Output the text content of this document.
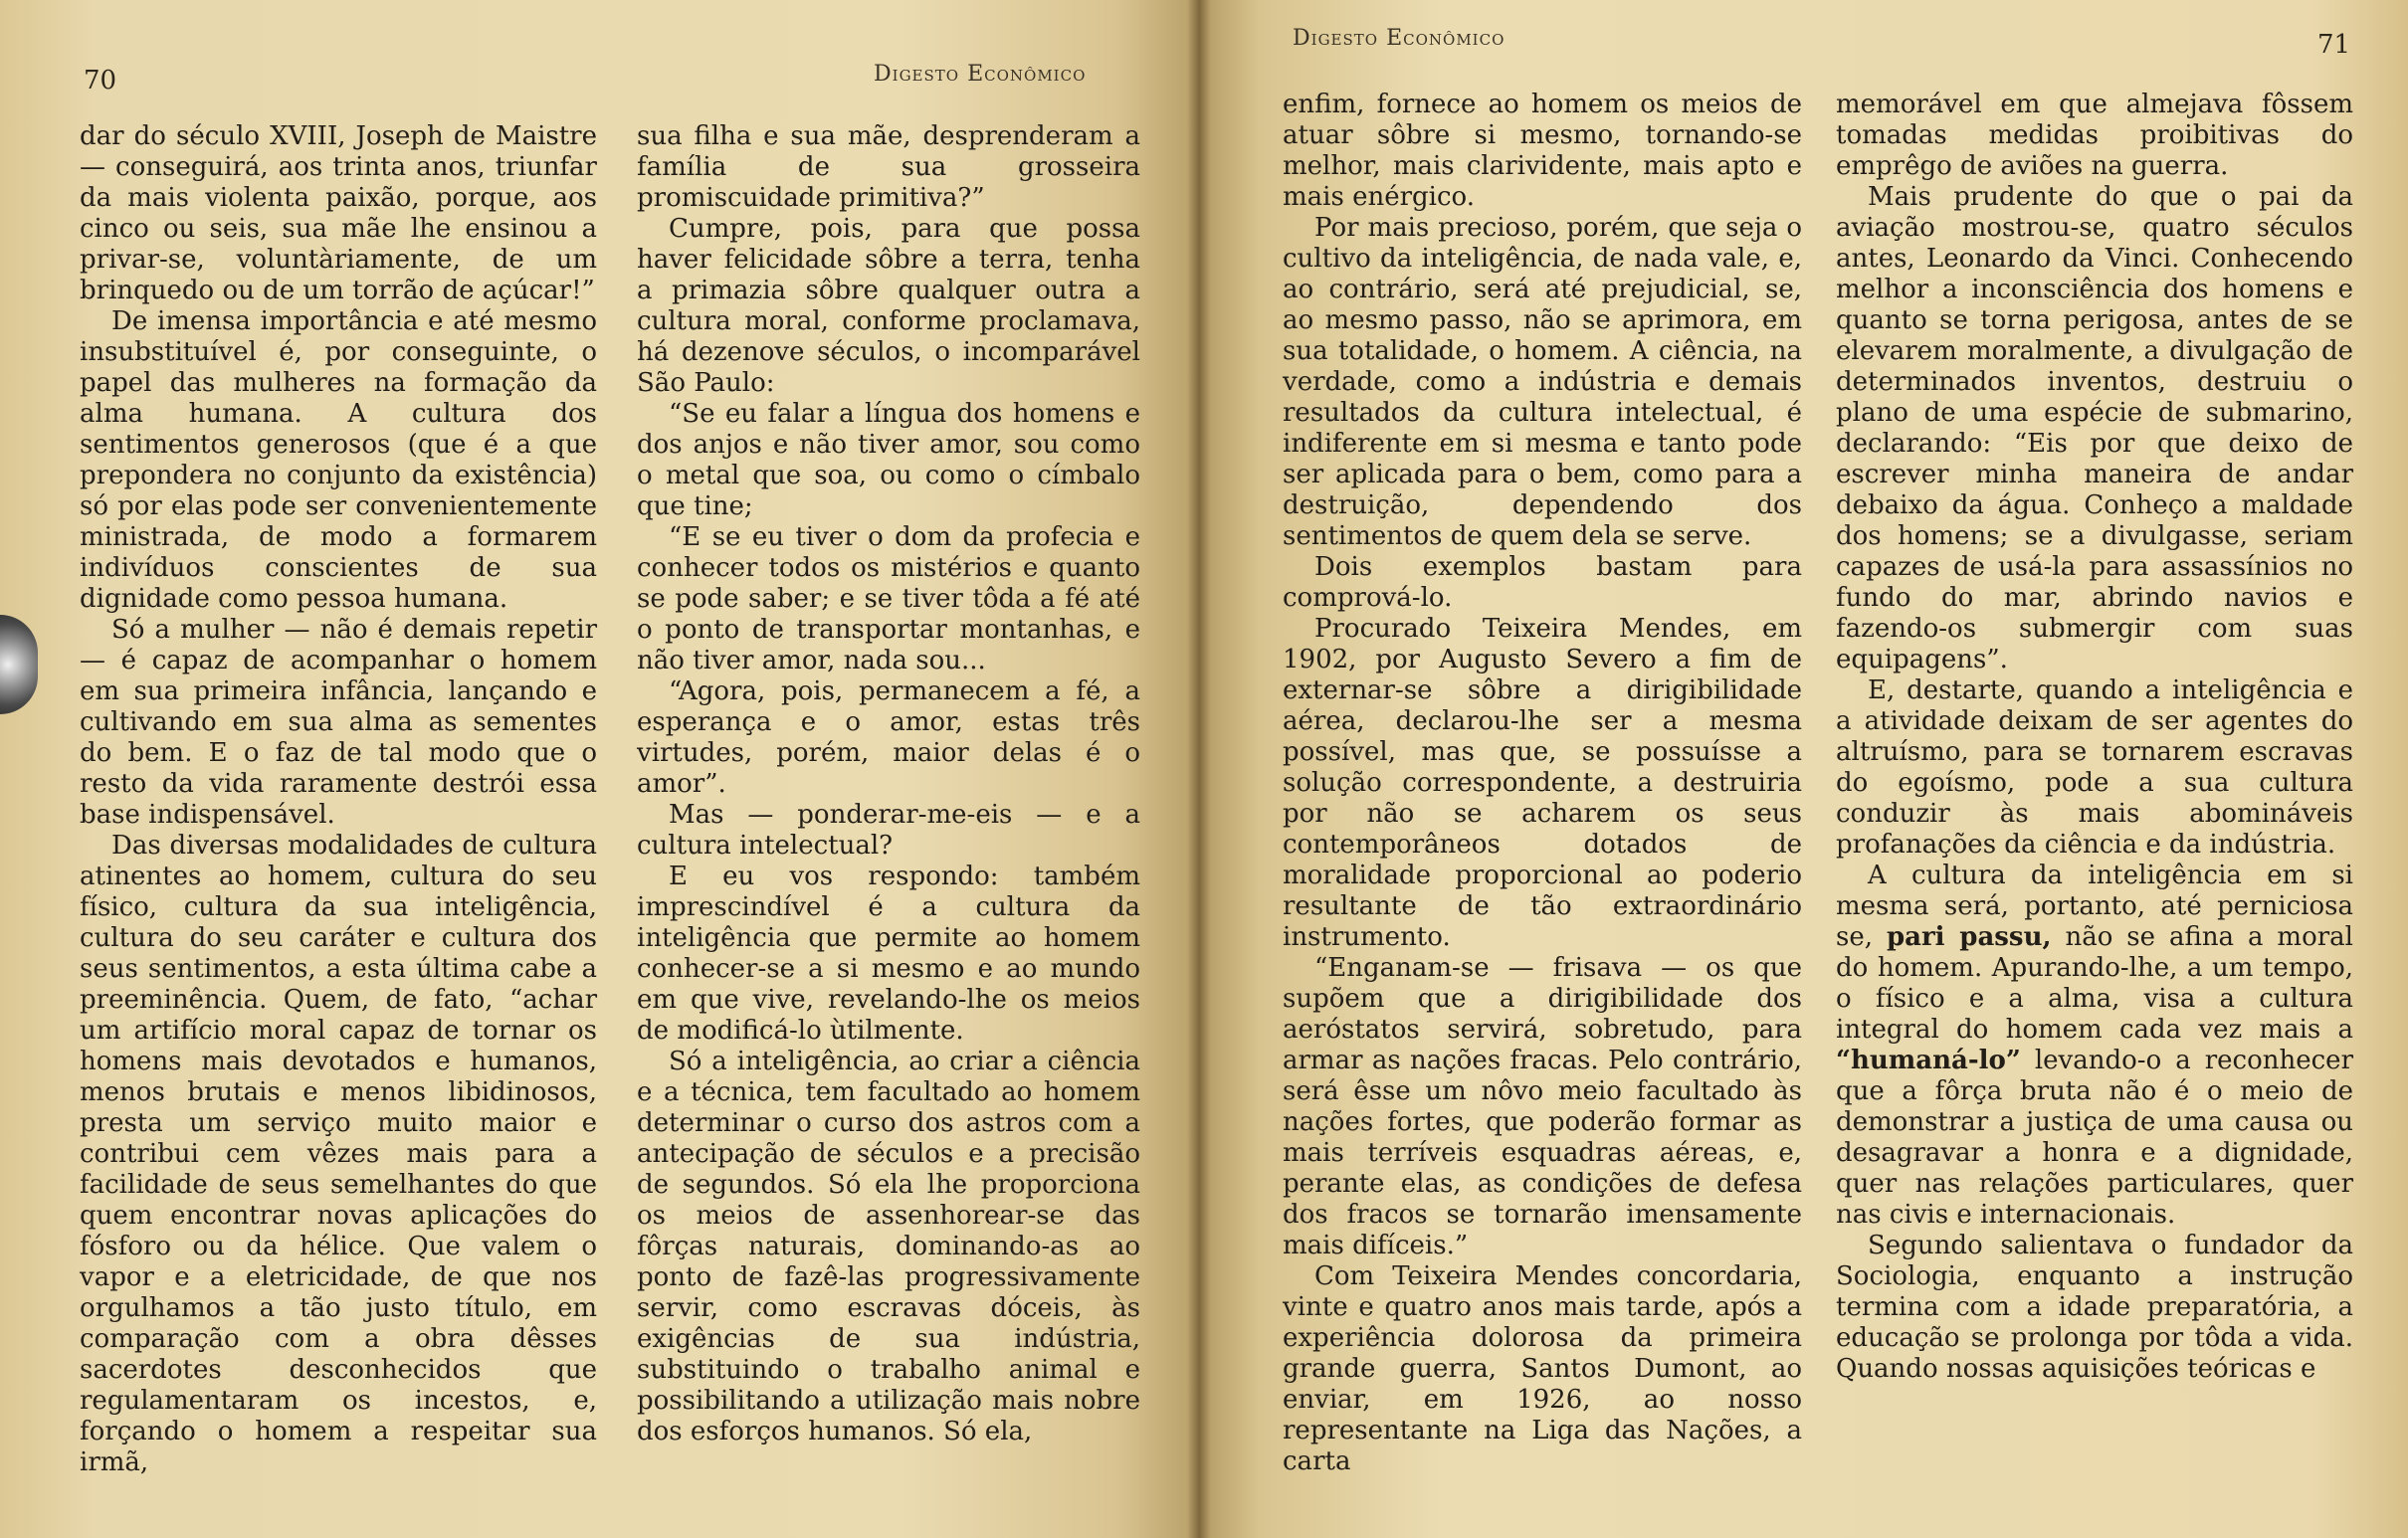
70	Digesto Econômico

dar do século XVIII, Joseph de Maistre — conseguirá, aos trinta anos, triunfar da mais violenta paixão, porque, aos cinco ou seis, sua mãe lhe ensinou a privar-se, voluntàriamente, de um brinquedo ou de um torrão de açúcar!”

De imensa importância e até mesmo insubstituível é, por conseguinte, o papel das mulheres na formação da alma humana. A cultura dos sentimentos generosos (que é a que prepondera no conjunto da existência) só por elas pode ser convenientemente ministrada, de modo a formarem indivíduos conscientes de sua dignidade como pessoa humana.

Só a mulher — não é demais repetir — é capaz de acompanhar o homem em sua primeira infância, lançando e cultivando em sua alma as sementes do bem. E o faz de tal modo que o resto da vida raramente destrói essa base indispensável.

Das diversas modalidades de cultura atinentes ao homem, cultura do seu físico, cultura da sua inteligência, cultura do seu caráter e cultura dos seus sentimentos, a esta última cabe a preeminência. Quem, de fato, “achar um artifício moral capaz de tornar os homens mais devotados e humanos, menos brutais e menos libidinosos, presta um serviço muito maior e contribui cem vêzes mais para a facilidade de seus semelhantes do que quem encontrar novas aplicações do fósforo ou da hélice. Que valem o vapor e a eletricidade, de que nos orgulhamos a tão justo título, em comparação com a obra dêsses sacerdotes desconhecidos que regulamentaram os incestos, e, forçando o homem a respeitar sua irmã,

sua filha e sua mãe, desprenderam a família de sua grosseira promiscuidade primitiva?”

Cumpre, pois, para que possa haver felicidade sôbre a terra, tenha a primazia sôbre qualquer outra a cultura moral, conforme proclamava, há dezenove séculos, o incomparável São Paulo:

“Se eu falar a língua dos homens e dos anjos e não tiver amor, sou como o metal que soa, ou como o címbalo que tine;

“E se eu tiver o dom da profecia e conhecer todos os mistérios e quanto se pode saber; e se tiver tôda a fé até o ponto de transportar montanhas, e não tiver amor, nada sou...

“Agora, pois, permanecem a fé, a esperança e o amor, estas três virtudes, porém, maior delas é o amor”.

Mas — ponderar-me-eis — e a cultura intelectual?

E eu vos respondo: também imprescindível é a cultura da inteligência que permite ao homem conhecer-se a si mesmo e ao mundo em que vive, revelando-lhe os meios de modificá-lo ùtilmente.

Só a inteligência, ao criar a ciência e a técnica, tem facultado ao homem determinar o curso dos astros com a antecipação de séculos e a precisão de segundos. Só ela lhe proporciona os meios de assenhorear-se das fôrças naturais, dominando-as ao ponto de fazê-las progressivamente servir, como escravas dóceis, às exigências de sua indústria, substituindo o trabalho animal e possibilitando a utilização mais nobre dos esforços humanos. Só ela,

Digesto Econômico	71

enfim, fornece ao homem os meios de atuar sôbre si mesmo, tornando-se melhor, mais clarividente, mais apto e mais enérgico.

Por mais precioso, porém, que seja o cultivo da inteligência, de nada vale, e, ao contrário, será até prejudicial, se, ao mesmo passo, não se aprimora, em sua totalidade, o homem. A ciência, na verdade, como a indústria e demais resultados da cultura intelectual, é indiferente em si mesma e tanto pode ser aplicada para o bem, como para a destruição, dependendo dos sentimentos de quem dela se serve.

Dois exemplos bastam para comprová-lo.

Procurado Teixeira Mendes, em 1902, por Augusto Severo a fim de externar-se sôbre a dirigibilidade aérea, declarou-lhe ser a mesma possível, mas que, se possuísse a solução correspondente, a destruiria por não se acharem os seus contemporâneos dotados de moralidade proporcional ao poderio resultante de tão extraordinário instrumento.

“Enganam-se — frisava — os que supõem que a dirigibilidade dos aeróstatos servirá, sobretudo, para armar as nações fracas. Pelo contrário, será êsse um nôvo meio facultado às nações fortes, que poderão formar as mais terríveis esquadras aéreas, e, perante elas, as condições de defesa dos fracos se tornarão imensamente mais difíceis.”

Com Teixeira Mendes concordaria, vinte e quatro anos mais tarde, após a experiência dolorosa da primeira grande guerra, Santos Dumont, ao enviar, em 1926, ao nosso representante na Liga das Nações, a carta

memorável em que almejava fôssem tomadas medidas proibitivas do emprêgo de aviões na guerra.

Mais prudente do que o pai da aviação mostrou-se, quatro séculos antes, Leonardo da Vinci. Conhecendo melhor a inconsciência dos homens e quanto se torna perigosa, antes de se elevarem moralmente, a divulgação de determinados inventos, destruiu o plano de uma espécie de submarino, declarando: “Eis por que deixo de escrever minha maneira de andar debaixo da água. Conheço a maldade dos homens; se a divulgasse, seriam capazes de usá-la para assassínios no fundo do mar, abrindo navios e fazendo-os submergir com suas equipagens”.

E, destarte, quando a inteligência e a atividade deixam de ser agentes do altruísmo, para se tornarem escravas do egoísmo, pode a sua cultura conduzir às mais abomináveis profanações da ciência e da indústria.

A cultura da inteligência em si mesma será, portanto, até perniciosa se, pari passu, não se afina a moral do homem. Apurando-lhe, a um tempo, o físico e a alma, visa a cultura integral do homem cada vez mais a “humaná-lo” levando-o a reconhecer que a fôrça bruta não é o meio de demonstrar a justiça de uma causa ou desagravar a honra e a dignidade, quer nas relações particulares, quer nas civis e internacionais.

Segundo salientava o fundador da Sociologia, enquanto a instrução termina com a idade preparatória, a educação se prolonga por tôda a vida. Quando nossas aquisições teóricas e
